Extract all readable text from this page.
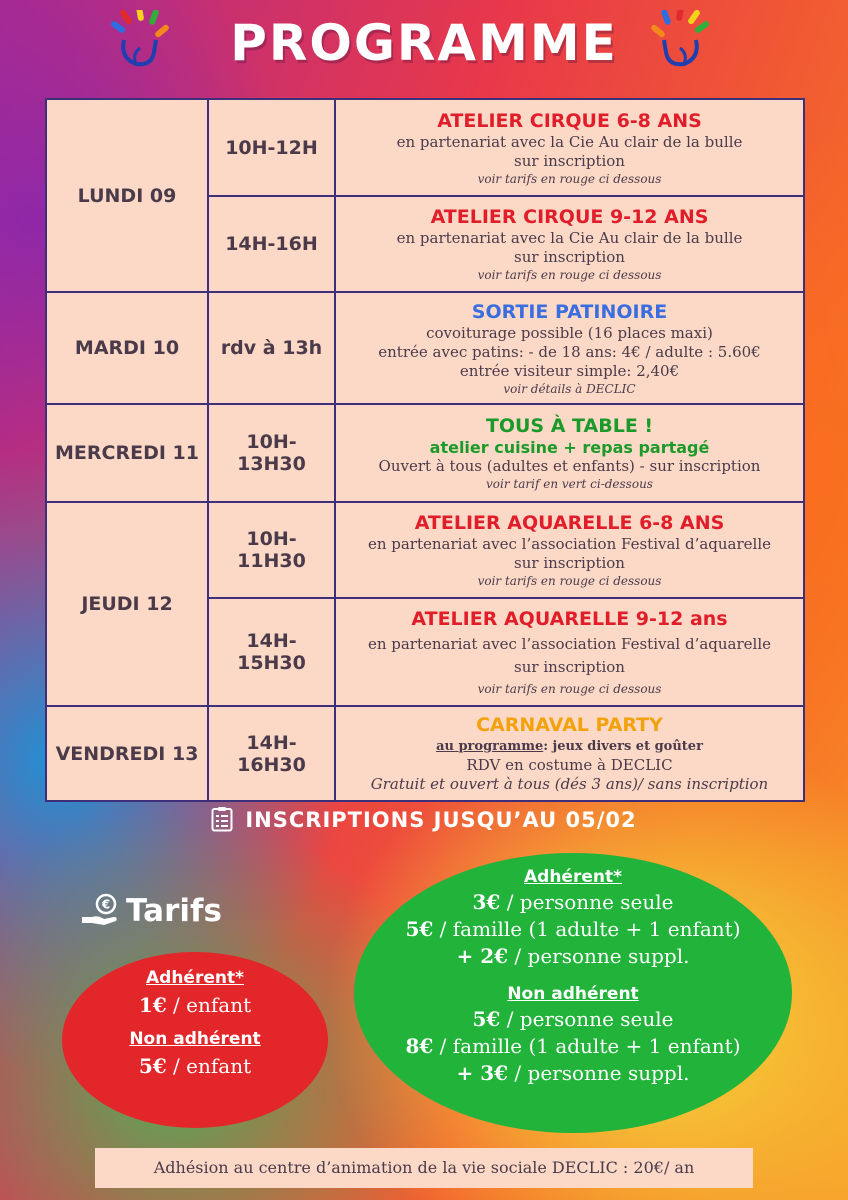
PROGRAMME
LUNDI 09	10H-12H	ATELIER CIRQUE 6-8 ANS
en partenariat avec la Cie Au clair de la bulle
sur inscription
voir tarifs en rouge ci dessous

	14H-16H	ATELIER CIRQUE 9-12 ANS
en partenariat avec la Cie Au clair de la bulle
sur inscription
voir tarifs en rouge ci dessous

MARDI 10	rdv à 13h	SORTIE PATINOIRE
covoiturage possible (16 places maxi)
entrée avec patins: - de 18 ans: 4€ / adulte : 5.60€
entrée visiteur simple: 2,40€
voir détails à DECLIC

MERCREDI 11	10H-13H30	TOUS À TABLE !
atelier cuisine + repas partagé
Ouvert à tous (adultes et enfants) - sur inscription
voir tarif en vert ci-dessous

JEUDI 12	10H-11H30	ATELIER AQUARELLE 6-8 ANS
en partenariat avec l’association Festival d’aquarelle
sur inscription
voir tarifs en rouge ci dessous

	14H-15H30	ATELIER AQUARELLE 9-12 ans
en partenariat avec l’association Festival d’aquarelle
sur inscription
voir tarifs en rouge ci dessous

VENDREDI 13	14H-16H30	CARNAVAL PARTY
au programme: jeux divers et goûter
RDV en costume à DECLIC
Gratuit et ouvert à tous (dés 3 ans)/ sans inscription
INSCRIPTIONS JUSQU’AU 05/02
€ Tarifs
Adhérent*
1€ / enfant
Non adhérent
5€ / enfant
Adhérent*
3€ / personne seule
5€ / famille (1 adulte + 1 enfant)
+ 2€ / personne suppl.
Non adhérent
5€ / personne seule
8€ / famille (1 adulte + 1 enfant)
+ 3€ / personne suppl.
Adhésion au centre d’animation de la vie sociale DECLIC : 20€/ an
